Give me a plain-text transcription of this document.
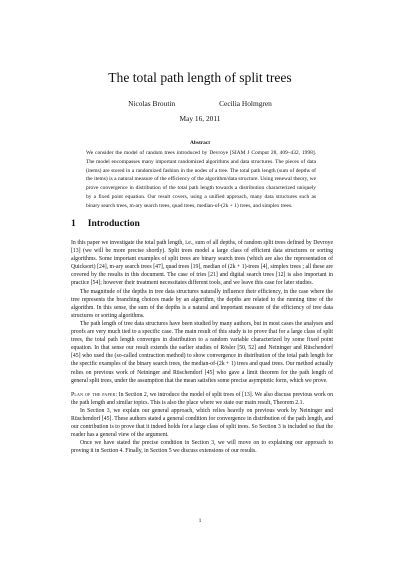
The total path length of split trees
Nicolas Broutin	Cecilia Holmgren
May 16, 2011
Abstract
We consider the model of random trees introduced by Devroye [SIAM J Comput 28, 409–432, 1998]. The model encompasses many important randomized algorithms and data structures. The pieces of data (items) are stored in a randomized fashion in the nodes of a tree. The total path length (sum of depths of the items) is a natural measure of the efficiency of the algorithm/data structure. Using renewal theory, we prove convergence in distribution of the total path length towards a distribution characterized uniquely by a fixed point equation. Our result covers, using a unified approach, many data structures such as binary search trees, m-ary search trees, quad trees, median-of-(2k + 1) trees, and simplex trees.
1 Introduction

In this paper we investigate the total path length, i.e., sum of all depths, of random split trees defined by Devroye [13] (we will be more precise shortly). Split trees model a large class of efficient data structures or sorting algorithms. Some important examples of split trees are binary search trees (which are also the representation of Quicksort) [24], m-ary search trees [47], quad trees [19], median of (2k + 1)-trees [4], simplex trees ; all these are covered by the results in this document. The case of tries [21] and digital search trees [12] is also important in practice [54]; however their treatment necessitates different tools, and we leave this case for later studies.

The magnitude of the depths in tree data structures naturally influence their efficiency, in the case where the tree represents the branching choices made by an algorithm, the depths are related to the running time of the algorithm. In this sense, the sum of the depths is a natural and important measure of the efficiency of tree data structures or sorting algorithms.

The path length of tree data structures have been studied by many authors, but in most cases the analyses and proofs are very much tied to a specific case. The main result of this study is to prove that for a large class of split trees, the total path length converges in distribution to a random variable characterized by some fixed point equation. In that sense our result extends the earlier studies of Rösler [50, 52] and Neininger and Rüschendorf [45] who used the (so-called contraction method) to show convergence in distribution of the total path length for the specific examples of the binary search trees, the median-of-(2k + 1) trees and quad trees. Our method actually relies on previous work of Neininger and Rüschendorf [45] who gave a limit theorem for the path length of general split trees, under the assumption that the mean satisfies some precise asymptotic form, which we prove.

Plan of the paper: In Section 2, we introduce the model of split trees of [13]. We also discuss previous work on the path length and similar topics. This is also the place where we state our main result, Theorem 2.1.

In Section 3, we explain our general approach, which relies heavily on previous work by Neininger and Rüschendorf [45]. These authors stated a general condition for convergence in distribution of the path length, and our contribution is to prove that it indeed holds for a large class of split trees. So Section 3 is included so that the reader has a general view of the argument.

Once we have stated the precise condition in Section 3, we will move on to explaining our approach to proving it in Section 4. Finally, in Section 5 we discuss extensions of our results.

1
